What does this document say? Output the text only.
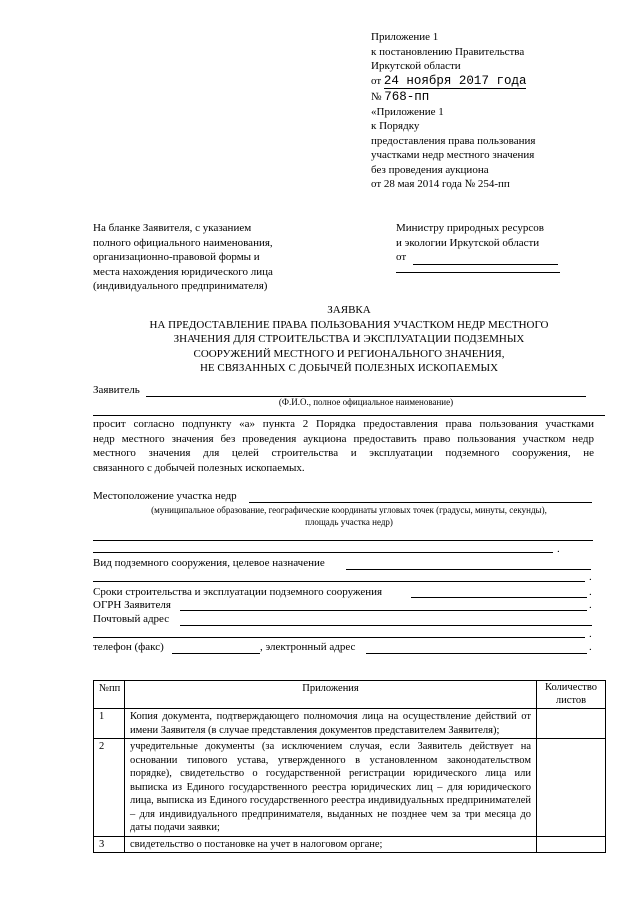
Приложение 1
к постановлению Правительства
Иркутской области
от 24 ноября 2017 года
№ 768-пп
«Приложение 1
к Порядку
предоставления права пользования
участками недр местного значения
без проведения аукциона
от 28 мая 2014 года № 254-пп
На бланке Заявителя, с указанием
полного официального наименования,
организационно-правовой формы и
места нахождения юридического лица
(индивидуального предпринимателя)
Министру природных ресурсов
и экологии Иркутской области
от
ЗАЯВКА
НА ПРЕДОСТАВЛЕНИЕ ПРАВА ПОЛЬЗОВАНИЯ УЧАСТКОМ НЕДР МЕСТНОГО
ЗНАЧЕНИЯ ДЛЯ СТРОИТЕЛЬСТВА И ЭКСПЛУАТАЦИИ ПОДЗЕМНЫХ
СООРУЖЕНИЙ МЕСТНОГО И РЕГИОНАЛЬНОГО ЗНАЧЕНИЯ,
НЕ СВЯЗАННЫХ С ДОБЫЧЕЙ ПОЛЕЗНЫХ ИСКОПАЕМЫХ
Заявитель
(Ф.И.О., полное официальное наименование)
просит согласно подпункту «а» пункта 2 Порядка предоставления права пользования участками
недр местного значения без проведения аукциона предоставить право пользования участком недр
местного значения для целей строительства и эксплуатации подземного сооружения, не
связанного с добычей полезных ископаемых.
Местоположение участка недр
(муниципальное образование, географические координаты угловых точек (градусы, минуты, секунды),
площадь участка недр)
.
Вид подземного сооружения, целевое назначение
.
Сроки строительства и эксплуатации подземного сооружения	.
ОГРН Заявителя	.
Почтовый адрес
.
телефон (факс)	, электронный адрес	.
№пп	Приложения	Количество листов
1	Копия документа, подтверждающего полномочия лица на осуществление действий от имени Заявителя (в случае представления документов представителем Заявителя);	
2	учредительные документы (за исключением случая, если Заявитель действует на основании типового устава, утвержденного в установленном законодательством порядке), свидетельство о государственной регистрации юридического лица или выписка из Единого государственного реестра юридических лиц – для юридического лица, выписка из Единого государственного реестра индивидуальных предпринимателей – для индивидуального предпринимателя, выданных не позднее чем за три месяца до даты подачи заявки;	
3	свидетельство о постановке на учет в налоговом органе;	
